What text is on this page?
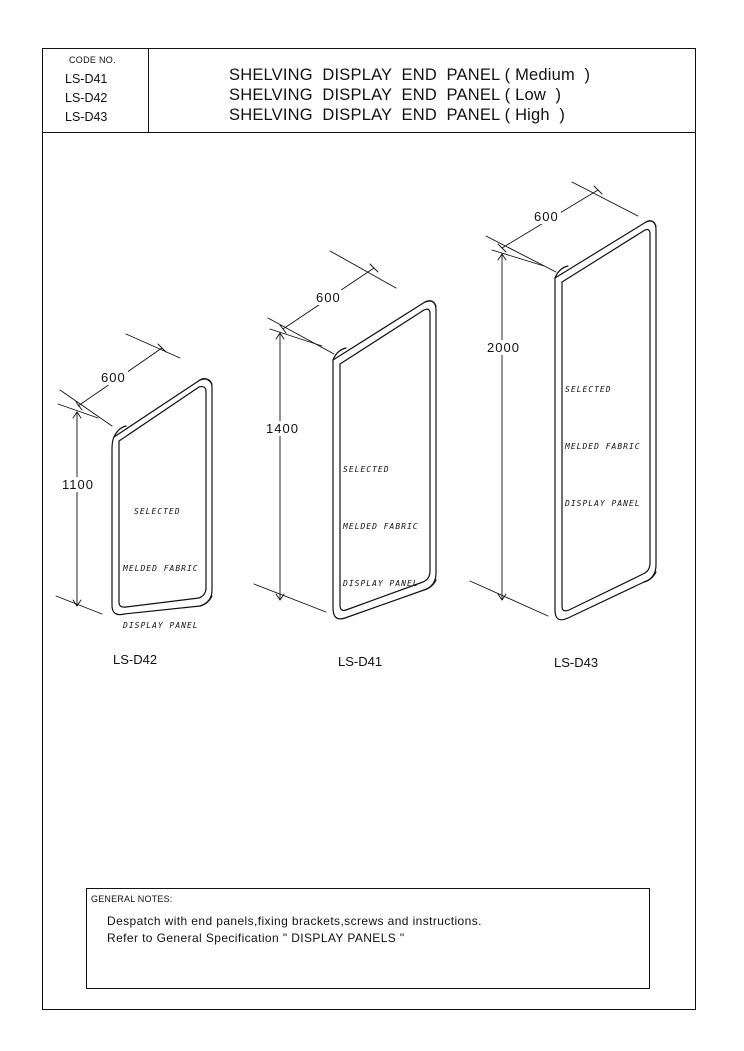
CODE NO.
LS-D41
LS-D42
LS-D43
SHELVING  DISPLAY  END  PANEL ( Medium  )
SHELVING  DISPLAY  END  PANEL ( Low  )
SHELVING  DISPLAY  END  PANEL ( High  )
600
1100
600
1400
600
2000

SELECTED

MELDED FABRIC

DISPLAY PANEL

SELECTED

MELDED FABRIC

DISPLAY PANEL

SELECTED

MELDED FABRIC

DISPLAY PANEL

LS-D42	LS-D41	LS-D43
GENERAL NOTES:
Despatch with end panels,fixing brackets,screws and instructions.
Refer to General Specification " DISPLAY PANELS "
